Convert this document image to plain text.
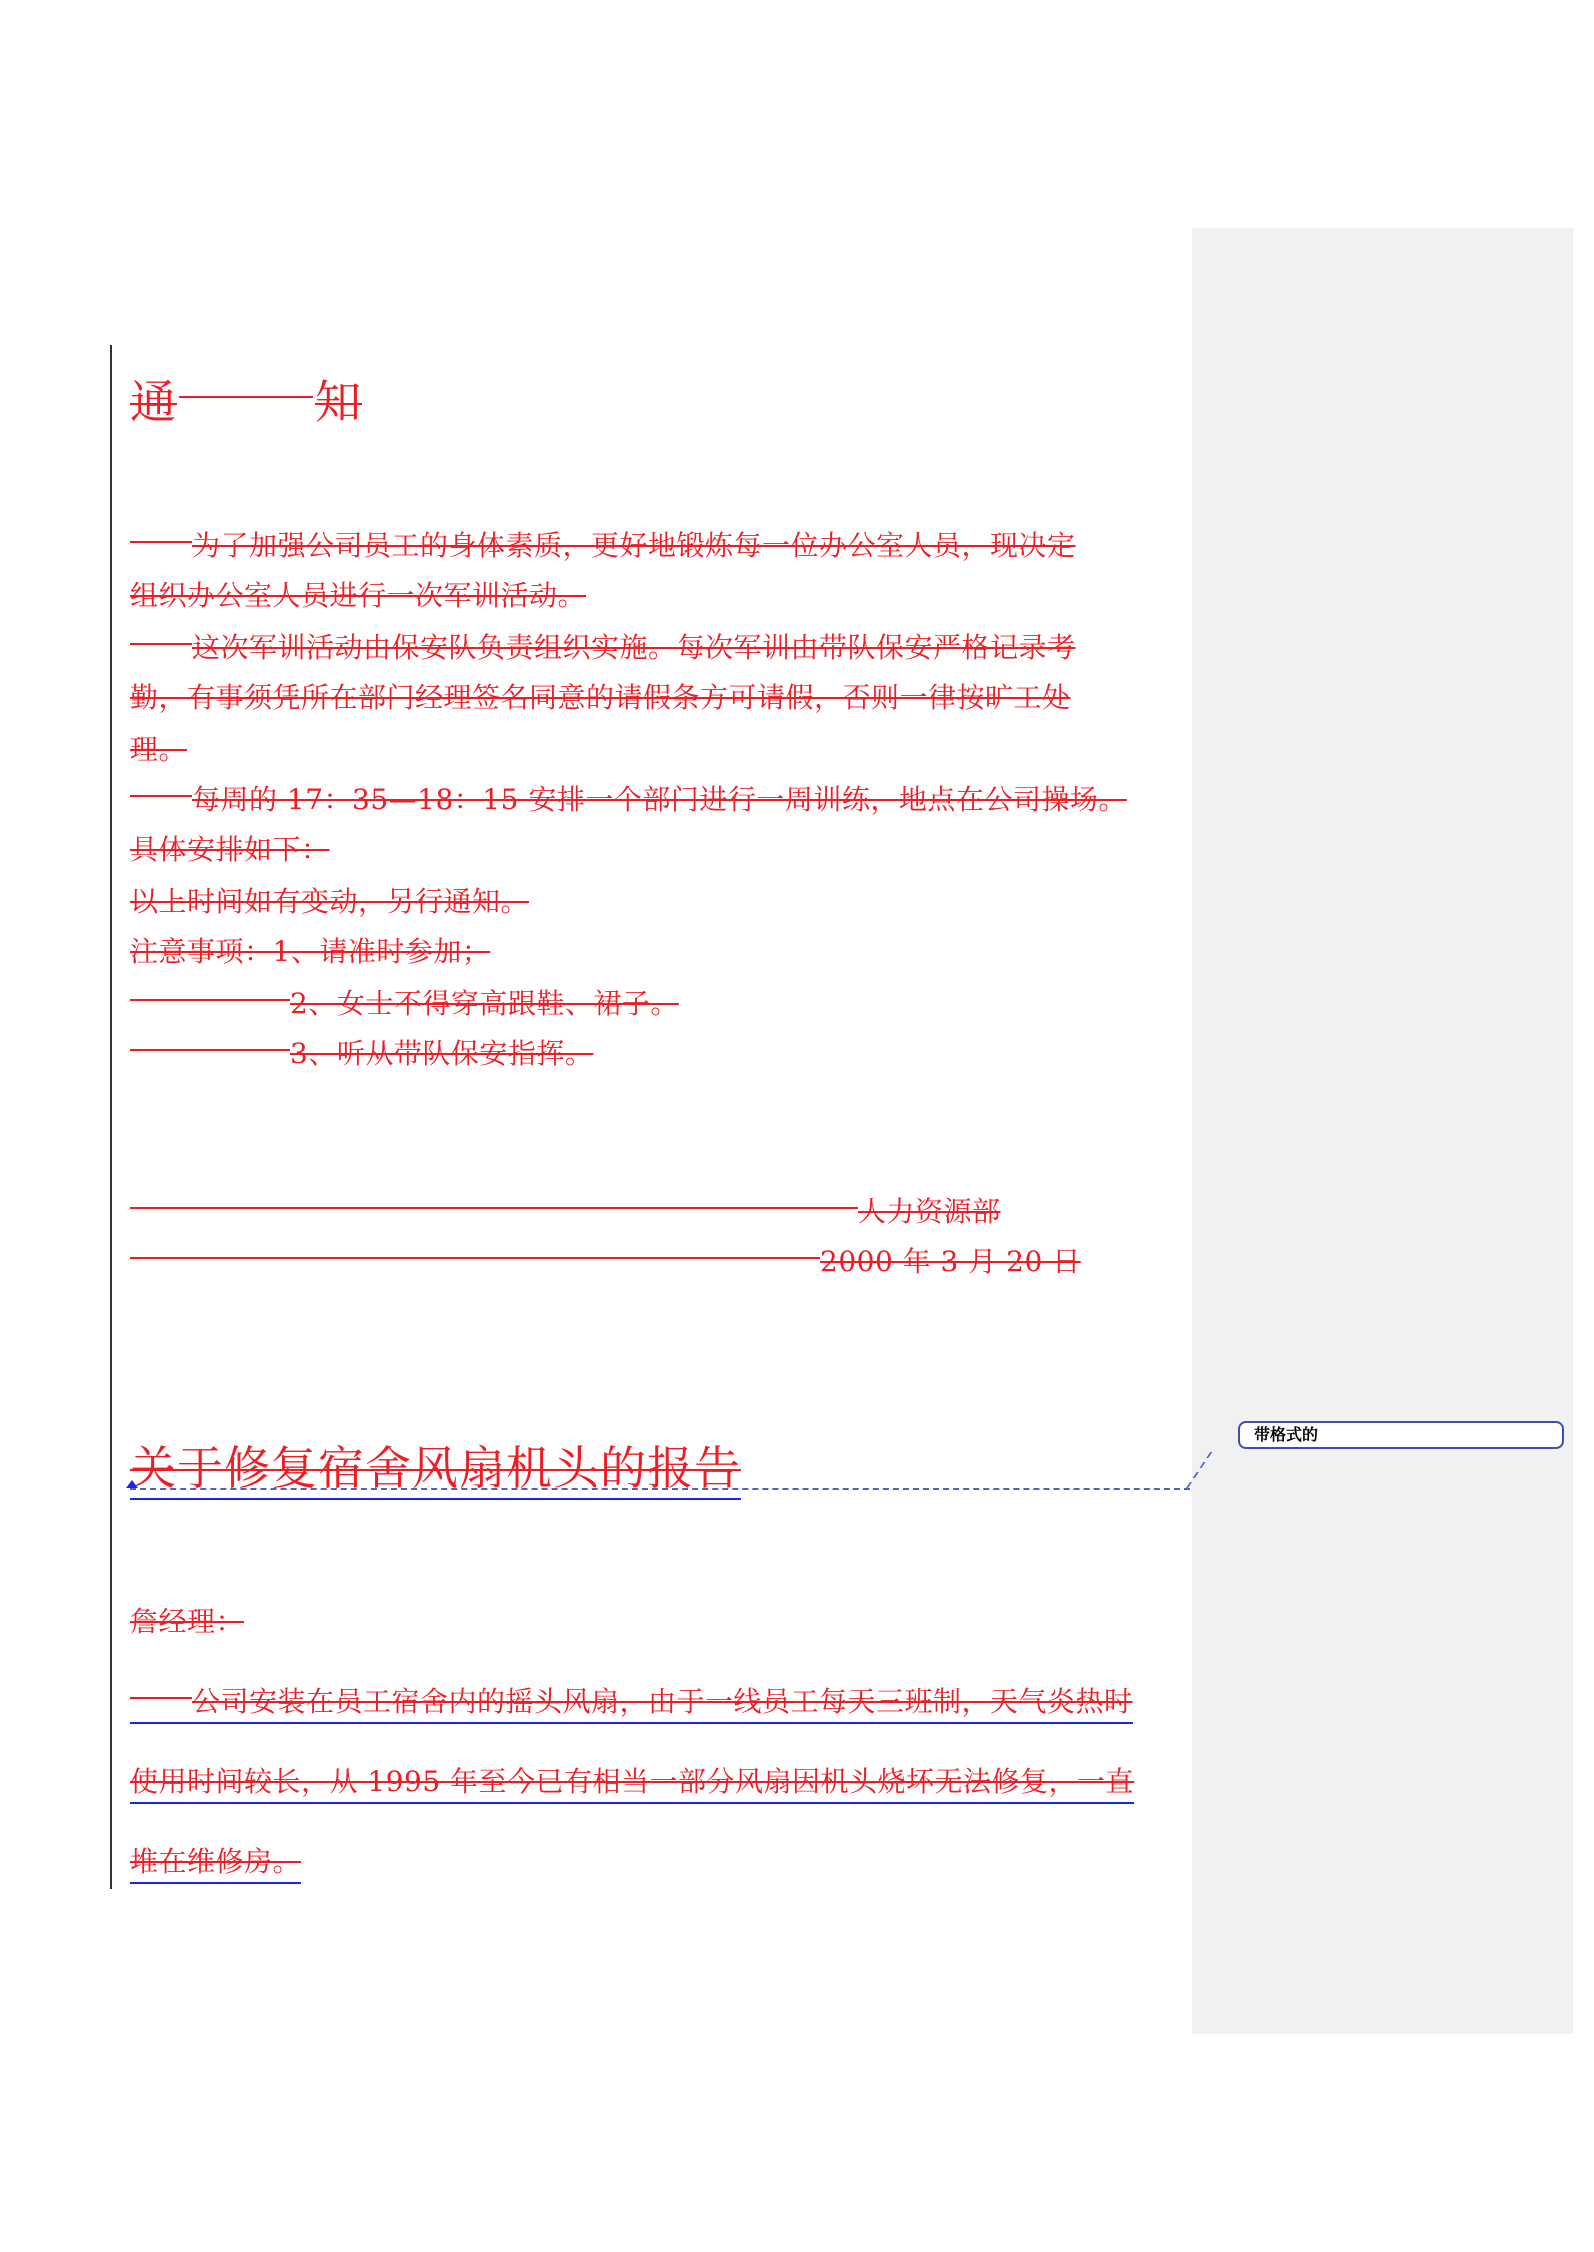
通	知

为了加强公司员工的身体素质，更好地锻炼每一位办公室人员，现决定

组织办公室人员进行一次军训活动。

这次军训活动由保安队负责组织实施。每次军训由带队保安严格记录考

勤，有事须凭所在部门经理签名同意的请假条方可请假，否则一律按旷工处

理。

每周的 17：35—18：15 安排一个部门进行一周训练，地点在公司操场。

具体安排如下：

以上时间如有变动，另行通知。

注意事项：1、请准时参加；

2、女士不得穿高跟鞋、裙子。

3、听从带队保安指挥。

人力资源部

2000 年 3 月 20 日

关于修复宿舍风扇机头的报告

带格式的

詹经理：

公司安装在员工宿舍内的摇头风扇，由于一线员工每天三班制，天气炎热时

使用时间较长，从 1995 年至今已有相当一部分风扇因机头烧坏无法修复，一直

堆在维修房。
